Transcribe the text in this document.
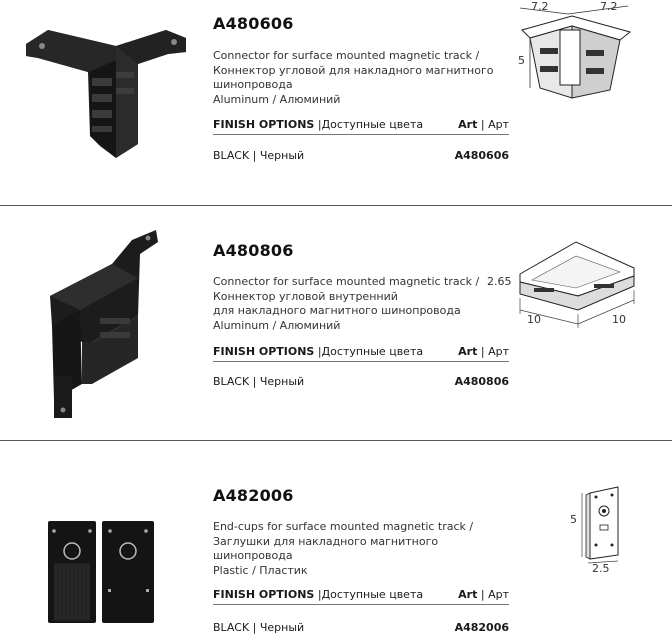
A480606
Connector for surface mounted magnetic track /
Коннектор угловой для накладного магнитного
шинопровода
Aluminum / Алюминий
FINISH OPTIONS |Доступные цвета	Art | Арт
BLACK | Черный	A480606
7.2	7.2
5
A480806
Connector for surface mounted magnetic track /
Коннектор угловой внутренний
для накладного магнитного шинопровода
Aluminum / Алюминий
FINISH OPTIONS |Доступные цвета	Art | Арт
BLACK | Черный	A480806
2.65
10	10
A482006
End-cups for surface mounted magnetic track /
Заглушки для накладного магнитного шинопровода
Plastic / Пластик
FINISH OPTIONS |Доступные цвета	Art | Арт
BLACK | Черный	A482006
5
2.5
